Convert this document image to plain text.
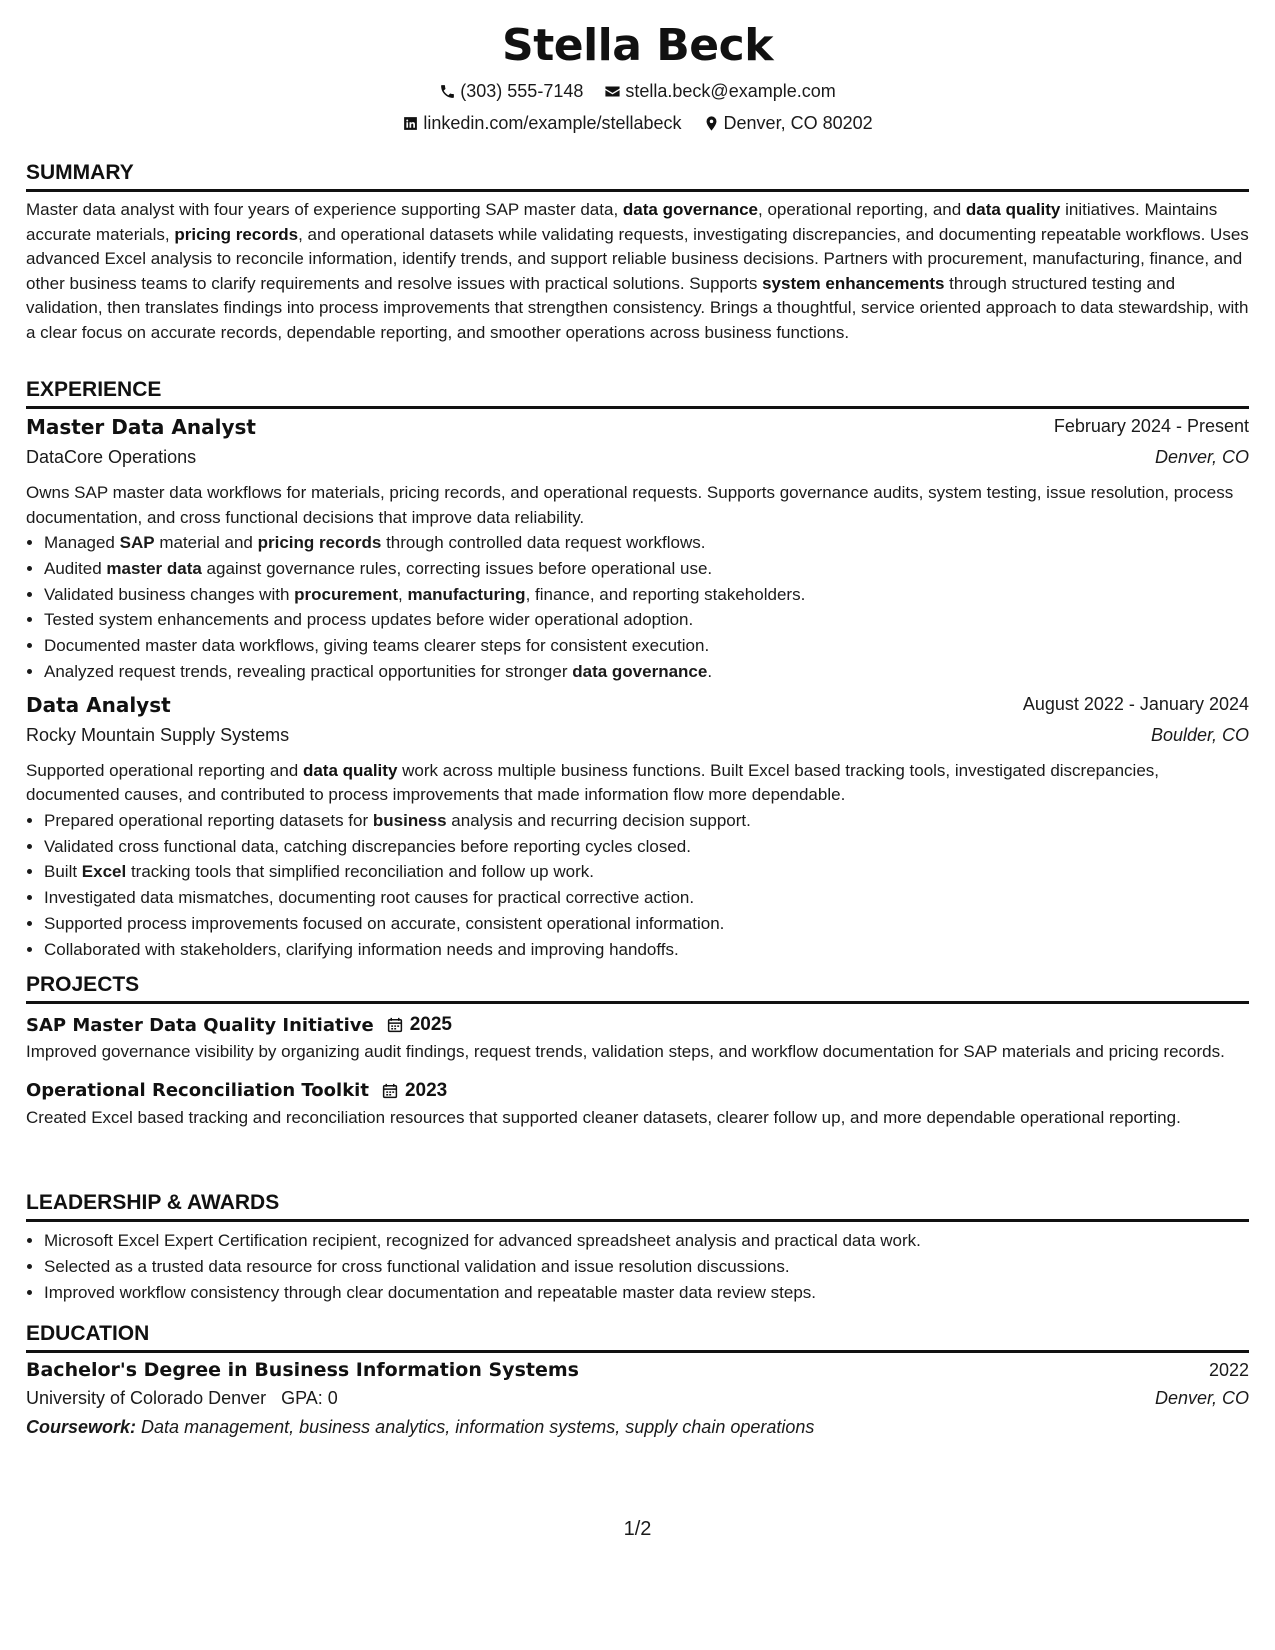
Stella Beck
(303) 555-7148
stella.beck@example.com
linkedin.com/example/stellabeck
Denver, CO 80202
SUMMARY

Master data analyst with four years of experience supporting SAP master data, data governance, operational reporting, and data quality initiatives. Maintains accurate materials, pricing records, and operational datasets while validating requests, investigating discrepancies, and documenting repeatable workflows. Uses advanced Excel analysis to reconcile information, identify trends, and support reliable business decisions. Partners with procurement, manufacturing, finance, and other business teams to clarify requirements and resolve issues with practical solutions. Supports system enhancements through structured testing and validation, then translates findings into process improvements that strengthen consistency. Brings a thoughtful, service oriented approach to data stewardship, with a clear focus on accurate records, dependable reporting, and smoother operations across business functions.

EXPERIENCE
Master Data Analyst	February 2024 - Present
DataCore Operations	Denver, CO

Owns SAP master data workflows for materials, pricing records, and operational requests. Supports governance audits, system testing, issue resolution, process documentation, and cross functional decisions that improve data reliability.

• Managed SAP material and pricing records through controlled data request workflows.
• Audited master data against governance rules, correcting issues before operational use.
• Validated business changes with procurement, manufacturing, finance, and reporting stakeholders.
• Tested system enhancements and process updates before wider operational adoption.
• Documented master data workflows, giving teams clearer steps for consistent execution.
• Analyzed request trends, revealing practical opportunities for stronger data governance.
Data Analyst	August 2022 - January 2024
Rocky Mountain Supply Systems	Boulder, CO

Supported operational reporting and data quality work across multiple business functions. Built Excel based tracking tools, investigated discrepancies, documented causes, and contributed to process improvements that made information flow more dependable.

• Prepared operational reporting datasets for business analysis and recurring decision support.
• Validated cross functional data, catching discrepancies before reporting cycles closed.
• Built Excel tracking tools that simplified reconciliation and follow up work.
• Investigated data mismatches, documenting root causes for practical corrective action.
• Supported process improvements focused on accurate, consistent operational information.
• Collaborated with stakeholders, clarifying information needs and improving handoffs.
PROJECTS
SAP Master Data Quality Initiative 2025

Improved governance visibility by organizing audit findings, request trends, validation steps, and workflow documentation for SAP materials and pricing records.

Operational Reconciliation Toolkit 2023

Created Excel based tracking and reconciliation resources that supported cleaner datasets, clearer follow up, and more dependable operational reporting.

LEADERSHIP & AWARDS
• Microsoft Excel Expert Certification recipient, recognized for advanced spreadsheet analysis and practical data work.
• Selected as a trusted data resource for cross functional validation and issue resolution discussions.
• Improved workflow consistency through clear documentation and repeatable master data review steps.
EDUCATION
Bachelor's Degree in Business Information Systems	2022
University of Colorado Denver GPA: 0	Denver, CO
Coursework: Data management, business analytics, information systems, supply chain operations
1/2
